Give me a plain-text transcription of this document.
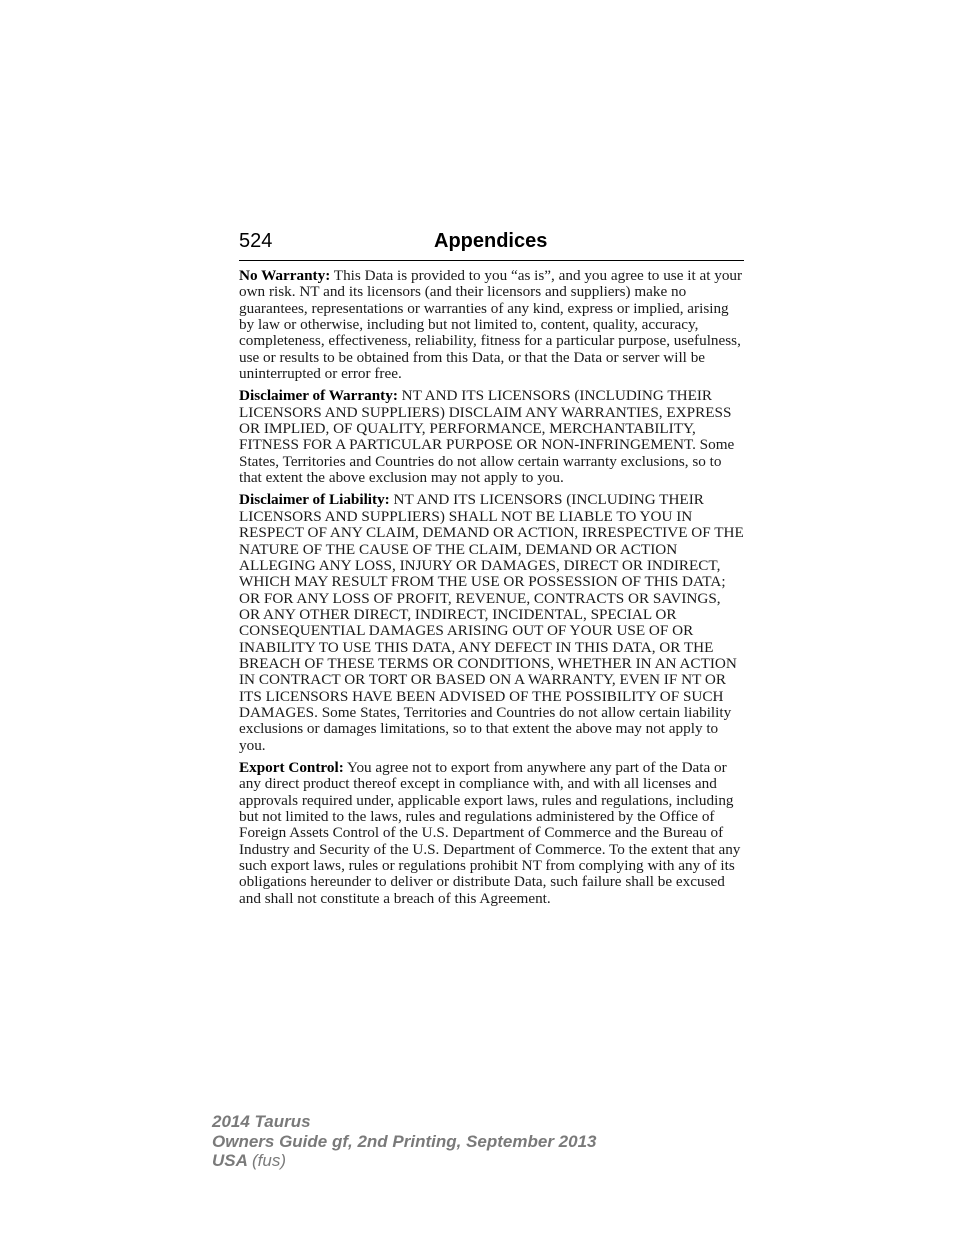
524	Appendices

No Warranty: This Data is provided to you “as is”, and you agree to use it at your own risk. NT and its licensors (and their licensors and suppliers) make no guarantees, representations or warranties of any kind, express or implied, arising by law or otherwise, including but not limited to, content, quality, accuracy, completeness, effectiveness, reliability, fitness for a particular purpose, usefulness, use or results to be obtained from this Data, or that the Data or server will be uninterrupted or error free.

Disclaimer of Warranty: NT AND ITS LICENSORS (INCLUDING THEIR LICENSORS AND SUPPLIERS) DISCLAIM ANY WARRANTIES, EXPRESS OR IMPLIED, OF QUALITY, PERFORMANCE, MERCHANTABILITY, FITNESS FOR A PARTICULAR PURPOSE OR NON-INFRINGEMENT. Some States, Territories and Countries do not allow certain warranty exclusions, so to that extent the above exclusion may not apply to you.

Disclaimer of Liability: NT AND ITS LICENSORS (INCLUDING THEIR LICENSORS AND SUPPLIERS) SHALL NOT BE LIABLE TO YOU IN RESPECT OF ANY CLAIM, DEMAND OR ACTION, IRRESPECTIVE OF THE NATURE OF THE CAUSE OF THE CLAIM, DEMAND OR ACTION ALLEGING ANY LOSS, INJURY OR DAMAGES, DIRECT OR INDIRECT, WHICH MAY RESULT FROM THE USE OR POSSESSION OF THIS DATA; OR FOR ANY LOSS OF PROFIT, REVENUE, CONTRACTS OR SAVINGS, OR ANY OTHER DIRECT, INDIRECT, INCIDENTAL, SPECIAL OR CONSEQUENTIAL DAMAGES ARISING OUT OF YOUR USE OF OR INABILITY TO USE THIS DATA, ANY DEFECT IN THIS DATA, OR THE BREACH OF THESE TERMS OR CONDITIONS, WHETHER IN AN ACTION IN CONTRACT OR TORT OR BASED ON A WARRANTY, EVEN IF NT OR ITS LICENSORS HAVE BEEN ADVISED OF THE POSSIBILITY OF SUCH DAMAGES. Some States, Territories and Countries do not allow certain liability exclusions or damages limitations, so to that extent the above may not apply to you.

Export Control: You agree not to export from anywhere any part of the Data or any direct product thereof except in compliance with, and with all licenses and approvals required under, applicable export laws, rules and regulations, including but not limited to the laws, rules and regulations administered by the Office of Foreign Assets Control of the U.S. Department of Commerce and the Bureau of Industry and Security of the U.S. Department of Commerce. To the extent that any such export laws, rules or regulations prohibit NT from complying with any of its obligations hereunder to deliver or distribute Data, such failure shall be excused and shall not constitute a breach of this Agreement.

2014 Taurus
Owners Guide gf, 2nd Printing, September 2013
USA (fus)
